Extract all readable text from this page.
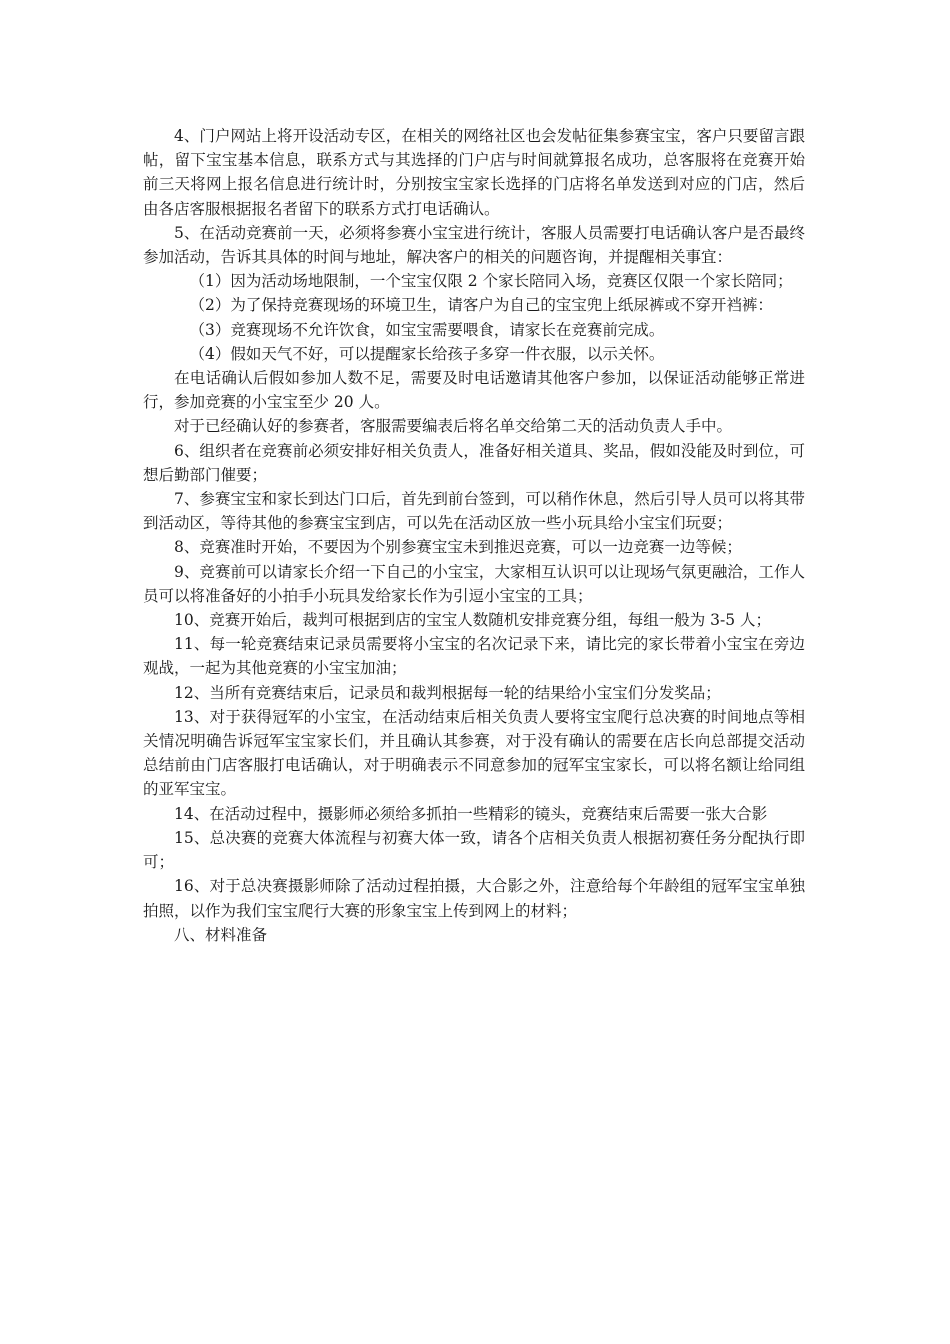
4、门户网站上将开设活动专区，在相关的网络社区也会发帖征集参赛宝宝，客户只要留言跟帖，留下宝宝基本信息，联系方式与其选择的门户店与时间就算报名成功，总客服将在竞赛开始前三天将网上报名信息进行统计时，分别按宝宝家长选择的门店将名单发送到对应的门店，然后由各店客服根据报名者留下的联系方式打电话确认。

5、在活动竞赛前一天，必须将参赛小宝宝进行统计，客服人员需要打电话确认客户是否最终参加活动，告诉其具体的时间与地址，解决客户的相关的问题咨询，并提醒相关事宜：

（1）因为活动场地限制，一个宝宝仅限 2 个家长陪同入场，竞赛区仅限一个家长陪同；

（2）为了保持竞赛现场的环境卫生，请客户为自己的宝宝兜上纸尿裤或不穿开裆裤：

（3）竞赛现场不允许饮食，如宝宝需要喂食，请家长在竞赛前完成。

（4）假如天气不好，可以提醒家长给孩子多穿一件衣服，以示关怀。

在电话确认后假如参加人数不足，需要及时电话邀请其他客户参加，以保证活动能够正常进行，参加竞赛的小宝宝至少 20 人。

对于已经确认好的参赛者，客服需要编表后将名单交给第二天的活动负责人手中。

6、组织者在竞赛前必须安排好相关负责人，准备好相关道具、奖品，假如没能及时到位，可想后勤部门催要；

7、参赛宝宝和家长到达门口后，首先到前台签到，可以稍作休息，然后引导人员可以将其带到活动区，等待其他的参赛宝宝到店，可以先在活动区放一些小玩具给小宝宝们玩耍；

8、竞赛准时开始，不要因为个别参赛宝宝未到推迟竞赛，可以一边竞赛一边等候；

9、竞赛前可以请家长介绍一下自己的小宝宝，大家相互认识可以让现场气氛更融洽，工作人员可以将准备好的小拍手小玩具发给家长作为引逗小宝宝的工具；

10、竞赛开始后，裁判可根据到店的宝宝人数随机安排竞赛分组，每组一般为 3-5 人；

11、每一轮竞赛结束记录员需要将小宝宝的名次记录下来，请比完的家长带着小宝宝在旁边观战，一起为其他竞赛的小宝宝加油；

12、当所有竞赛结束后，记录员和裁判根据每一轮的结果给小宝宝们分发奖品；

13、对于获得冠军的小宝宝，在活动结束后相关负责人要将宝宝爬行总决赛的时间地点等相关情况明确告诉冠军宝宝家长们，并且确认其参赛，对于没有确认的需要在店长向总部提交活动总结前由门店客服打电话确认，对于明确表示不同意参加的冠军宝宝家长，可以将名额让给同组的亚军宝宝。

14、在活动过程中，摄影师必须给多抓拍一些精彩的镜头，竞赛结束后需要一张大合影

15、总决赛的竞赛大体流程与初赛大体一致，请各个店相关负责人根据初赛任务分配执行即可；

16、对于总决赛摄影师除了活动过程拍摄，大合影之外，注意给每个年龄组的冠军宝宝单独拍照，以作为我们宝宝爬行大赛的形象宝宝上传到网上的材料；

八、材料准备
